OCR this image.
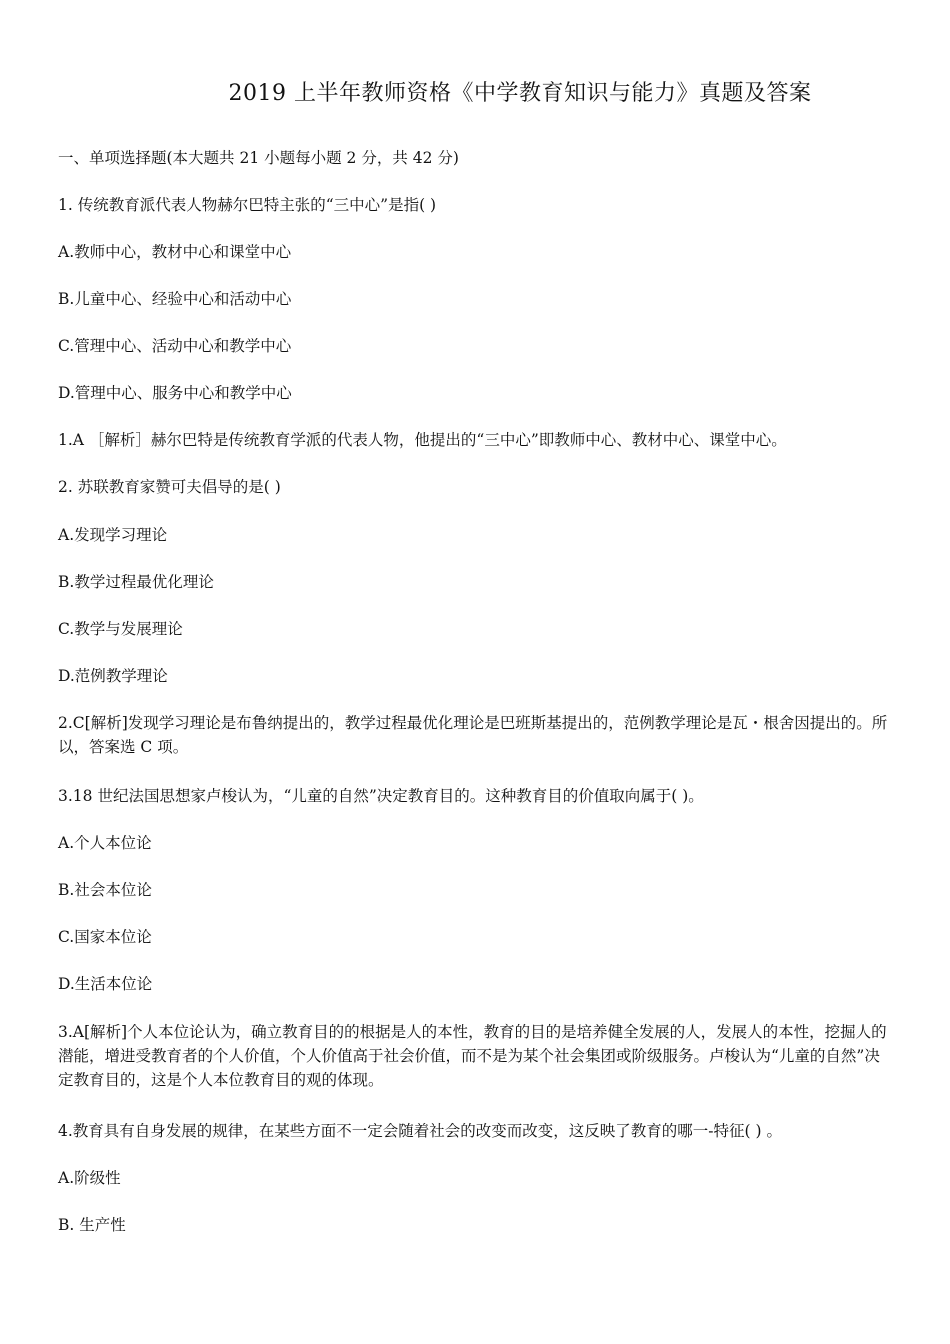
2019 上半年教师资格《中学教育知识与能力》真题及答案
一、单项选择题(本大题共 21 小题每小题 2 分，共 42 分)
1. 传统教育派代表人物赫尔巴特主张的“三中心”是指( )
A.教师中心，教材中心和课堂中心
B.儿童中心、经验中心和活动中心
C.管理中心、活动中心和教学中心
D.管理中心、服务中心和教学中心
1.A ［解析］赫尔巴特是传统教育学派的代表人物，他提出的“三中心”即教师中心、教材中心、课堂中心。
2. 苏联教育家赞可夫倡导的是( )
A.发现学习理论
B.教学过程最优化理论
C.教学与发展理论
D.范例教学理论
2.C[解析]发现学习理论是布鲁纳提出的，教学过程最优化理论是巴班斯基提出的，范例教学理论是瓦・根舍因提出的。所以，答案选 C 项。
3.18 世纪法国思想家卢梭认为，“儿童的自然”决定教育目的。这种教育目的价值取向属于( )。
A.个人本位论
B.社会本位论
C.国家本位论
D.生活本位论
3.A[解析]个人本位论认为，确立教育目的的根据是人的本性，教育的目的是培养健全发展的人，发展人的本性，挖掘人的潜能，增进受教育者的个人价值，个人价值高于社会价值，而不是为某个社会集团或阶级服务。卢梭认为“儿童的自然”决定教育目的，这是个人本位教育目的观的体现。
4.教育具有自身发展的规律，在某些方面不一定会随着社会的改变而改变，这反映了教育的哪一-特征( ) 。
A.阶级性
B. 生产性
